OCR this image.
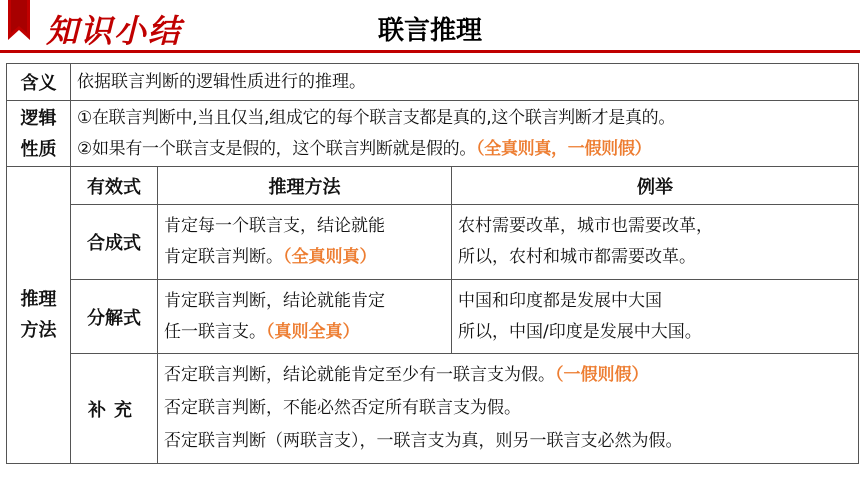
知识小结	联言推理
含义	依据联言判断的逻辑性质进行的推理。		

逻辑
性质	①在联言判断中,当且仅当,组成它的每个联言支都是真的,这个联言判断才是真的。
②如果有一个联言支是假的，这个联言判断就是假的。（全真则真，一假则假）		

推理
方法	有效式	推理方法	例举
	合成式	肯定每一个联言支，结论就能
肯定联言判断。（全真则真）	农村需要改革，城市也需要改革，
所以，农村和城市都需要改革。

	分解式	肯定联言判断，结论就能肯定
任一联言支。（真则全真）	中国和印度都是发展中大国
所以，中国/印度是发展中大国。

	补充	否定联言判断，结论就能肯定至少有一联言支为假。（一假则假）
否定联言判断，不能必然否定所有联言支为假。
否定联言判断（两联言支），一联言支为真，则另一联言支必然为假。	
